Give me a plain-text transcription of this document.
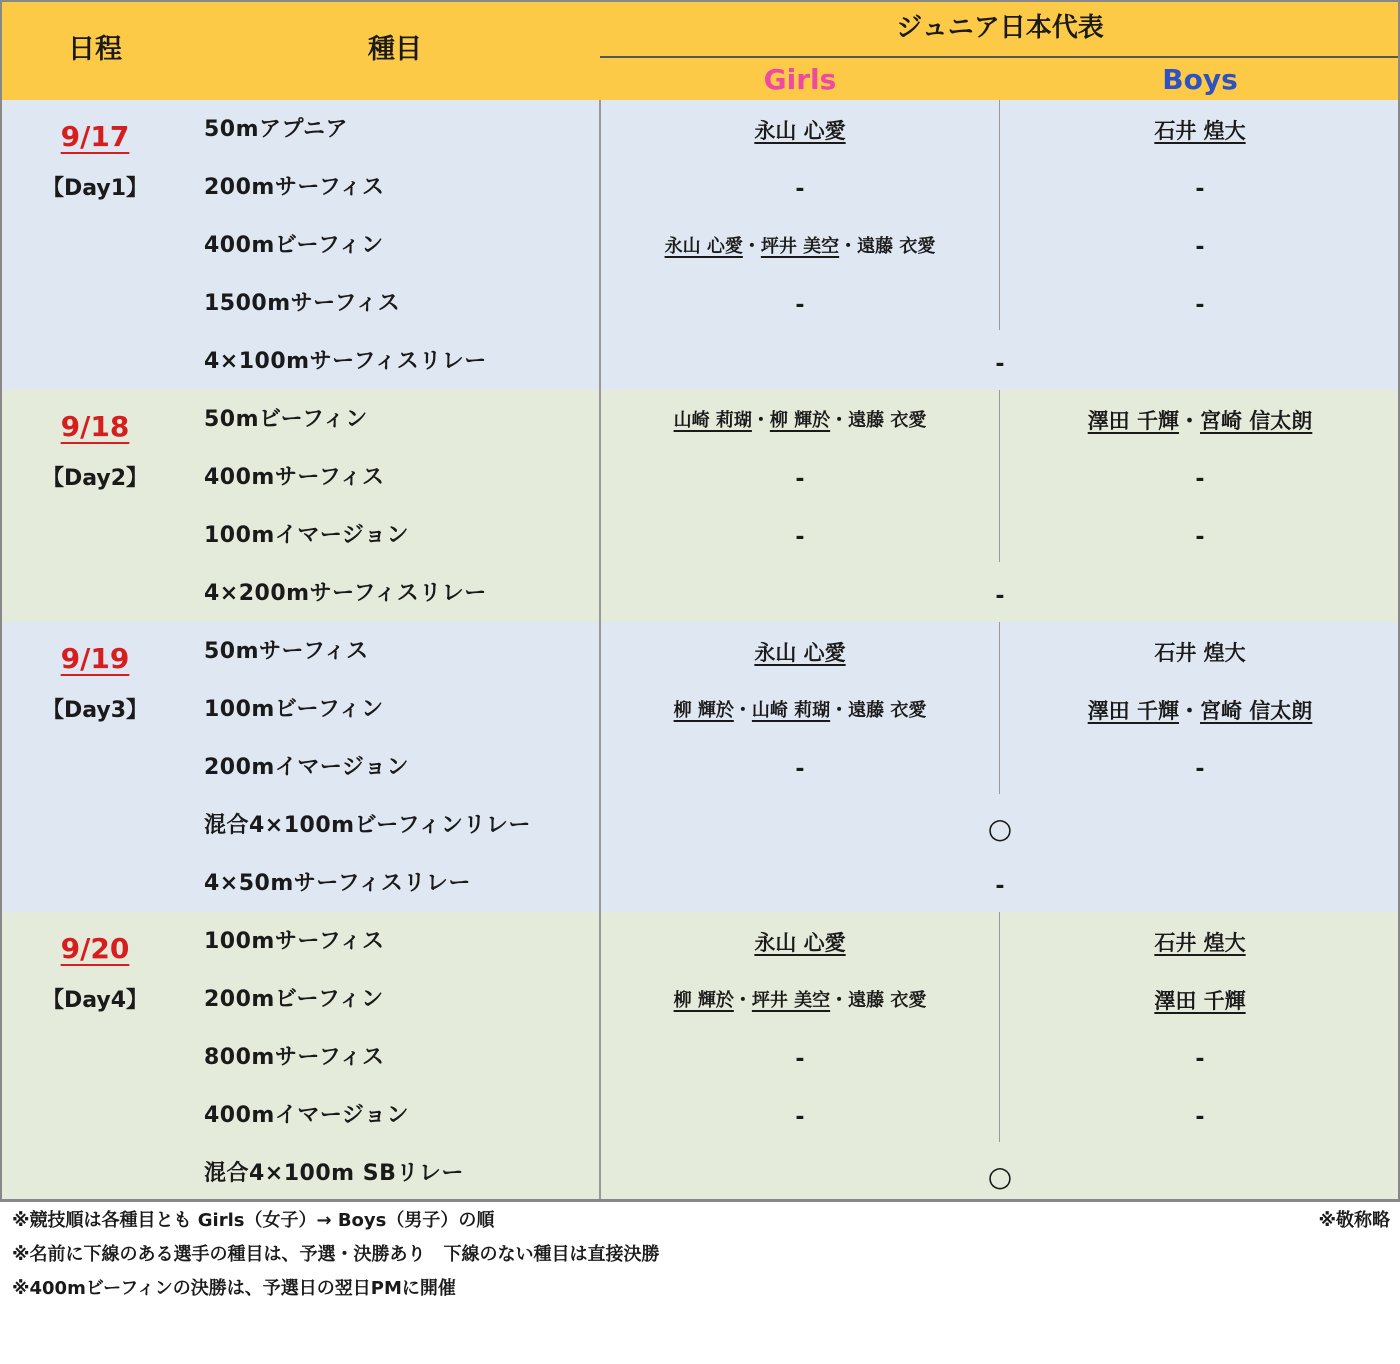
日程	種目
ジュニア日本代表
Girls	Boys
9/17
【Day1】
50mアプニア	永山 心愛	石井 煌大
200mサーフィス	-	-
400mビーフィン	永山 心愛・坪井 美空・遠藤 衣愛	-
1500mサーフィス	-	-
4×100mサーフィスリレー	-
9/18
【Day2】
50mビーフィン	山崎 莉瑚・柳 輝於・遠藤 衣愛	澤田 千輝・宮崎 信太朗
400mサーフィス	-	-
100mイマージョン	-	-
4×200mサーフィスリレー	-
9/19
【Day3】
50mサーフィス	永山 心愛	石井 煌大
100mビーフィン	柳 輝於・山崎 莉瑚・遠藤 衣愛	澤田 千輝・宮崎 信太朗
200mイマージョン	-	-
混合4×100mビーフィンリレー	○
4×50mサーフィスリレー	-
9/20
【Day4】
100mサーフィス	永山 心愛	石井 煌大
200mビーフィン	柳 輝於・坪井 美空・遠藤 衣愛	澤田 千輝
800mサーフィス	-	-
400mイマージョン	-	-
混合4×100m SBリレー	○
※競技順は各種目とも Girls（女子）→ Boys（男子）の順
※名前に下線のある選手の種目は、予選・決勝あり　下線のない種目は直接決勝
※400mビーフィンの決勝は、予選日の翌日PMに開催
※敬称略
